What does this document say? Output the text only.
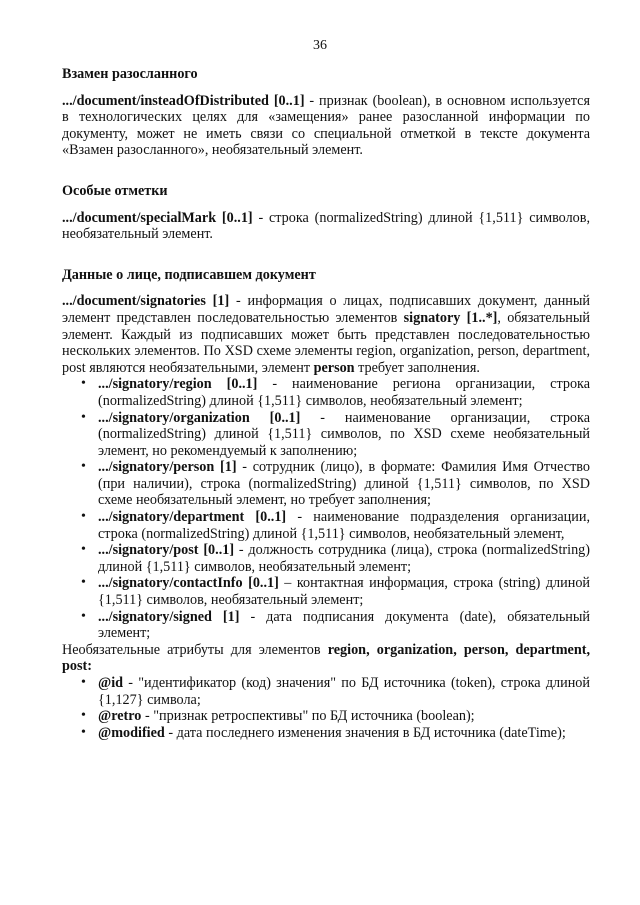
36
Взамен разосланного

.../document/insteadOfDistributed [0..1] - признак (boolean), в основном используется в технологических целях для «замещения» ранее разосланной информации по документу, может не иметь связи со специальной отметкой в тексте документа «Взамен разосланного», необязательный элемент.

Особые отметки

.../document/specialMark [0..1] - строка (normalizedString) длиной {1,511} символов, необязательный элемент.

Данные о лице, подписавшем документ

.../document/signatories [1] - информация о лицах, подписавших документ, данный элемент представлен последовательностью элементов signatory [1..*], обязательный элемент. Каждый из подписавших может быть представлен последовательностью нескольких элементов. По XSD схеме элементы region, organization, person, department, post являются необязательными, элемент person требует заполнения.

• .../signatory/region [0..1] - наименование региона организации, строка (normalizedString) длиной {1,511} символов, необязательный элемент;
• .../signatory/organization [0..1] - наименование организации, строка (normalizedString) длиной {1,511} символов, по XSD схеме необязательный элемент, но рекомендуемый к заполнению;
• .../signatory/person [1] - сотрудник (лицо), в формате: Фамилия Имя Отчество (при наличии), строка (normalizedString) длиной {1,511} символов, по XSD схеме необязательный элемент, но требует заполнения;
• .../signatory/department [0..1] - наименование подразделения организации, строка (normalizedString) длиной {1,511} символов, необязательный элемент,
• .../signatory/post [0..1] - должность сотрудника (лица), строка (normalizedString) длиной {1,511} символов, необязательный элемент;
• .../signatory/contactInfo [0..1] – контактная информация, строка (string) длиной {1,511} символов, необязательный элемент;
• .../signatory/signed [1] - дата подписания документа (date), обязательный элемент;

Необязательные атрибуты для элементов region, organization, person, department, post:

• @id - "идентификатор (код) значения" по БД источника (token), строка длиной {1,127} символа;
• @retro - "признак ретроспективы" по БД источника (boolean);
• @modified - дата последнего изменения значения в БД источника (dateTime);
